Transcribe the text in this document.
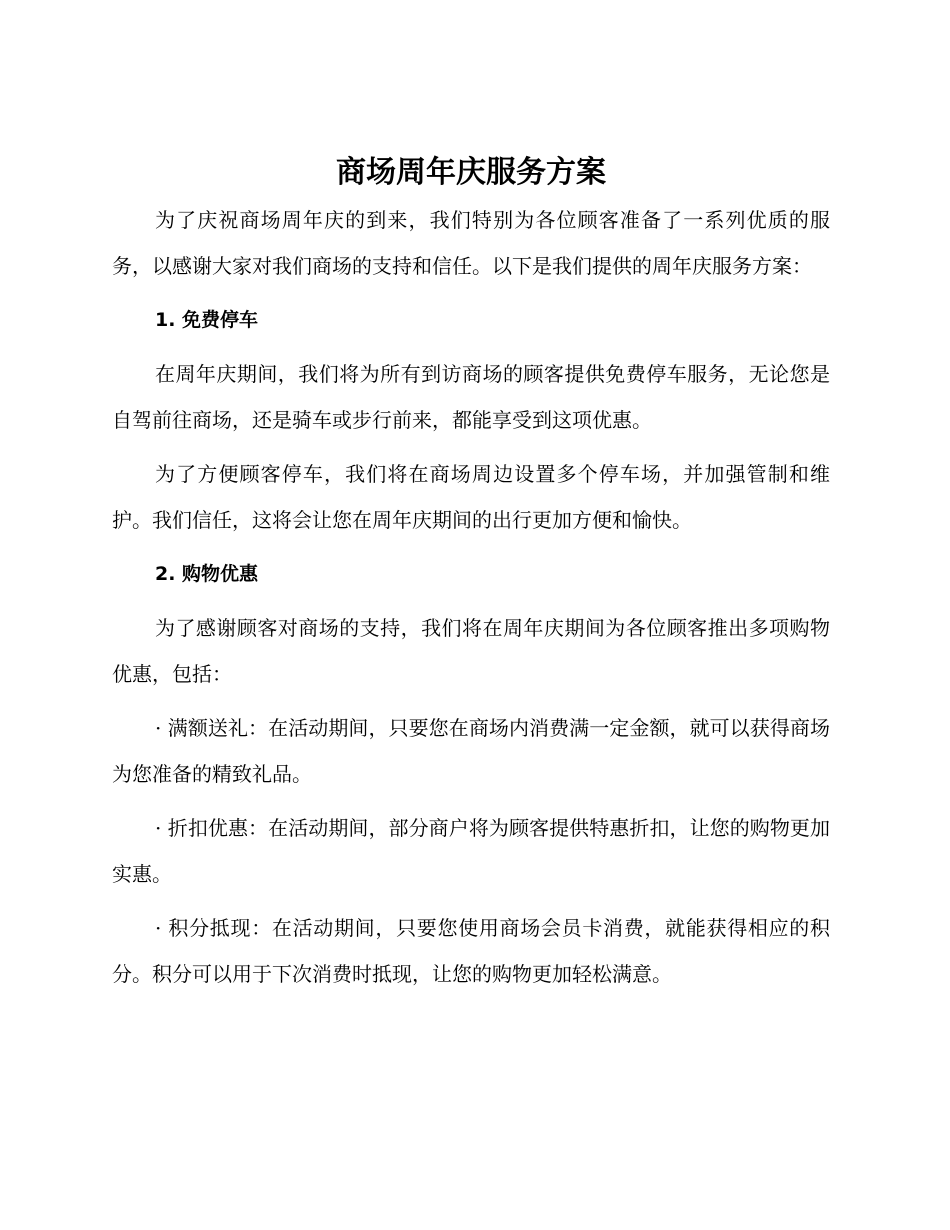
商场周年庆服务方案

为了庆祝商场周年庆的到来，我们特别为各位顾客准备了一系列优质的服务，以感谢大家对我们商场的支持和信任。以下是我们提供的周年庆服务方案：

1. 免费停车

在周年庆期间，我们将为所有到访商场的顾客提供免费停车服务，无论您是自驾前往商场，还是骑车或步行前来，都能享受到这项优惠。

为了方便顾客停车，我们将在商场周边设置多个停车场，并加强管制和维护。我们信任，这将会让您在周年庆期间的出行更加方便和愉快。

2. 购物优惠

为了感谢顾客对商场的支持，我们将在周年庆期间为各位顾客推出多项购物优惠，包括：

· 满额送礼：在活动期间，只要您在商场内消费满一定金额，就可以获得商场为您准备的精致礼品。

· 折扣优惠：在活动期间，部分商户将为顾客提供特惠折扣，让您的购物更加实惠。

· 积分抵现：在活动期间，只要您使用商场会员卡消费，就能获得相应的积分。积分可以用于下次消费时抵现，让您的购物更加轻松满意。
